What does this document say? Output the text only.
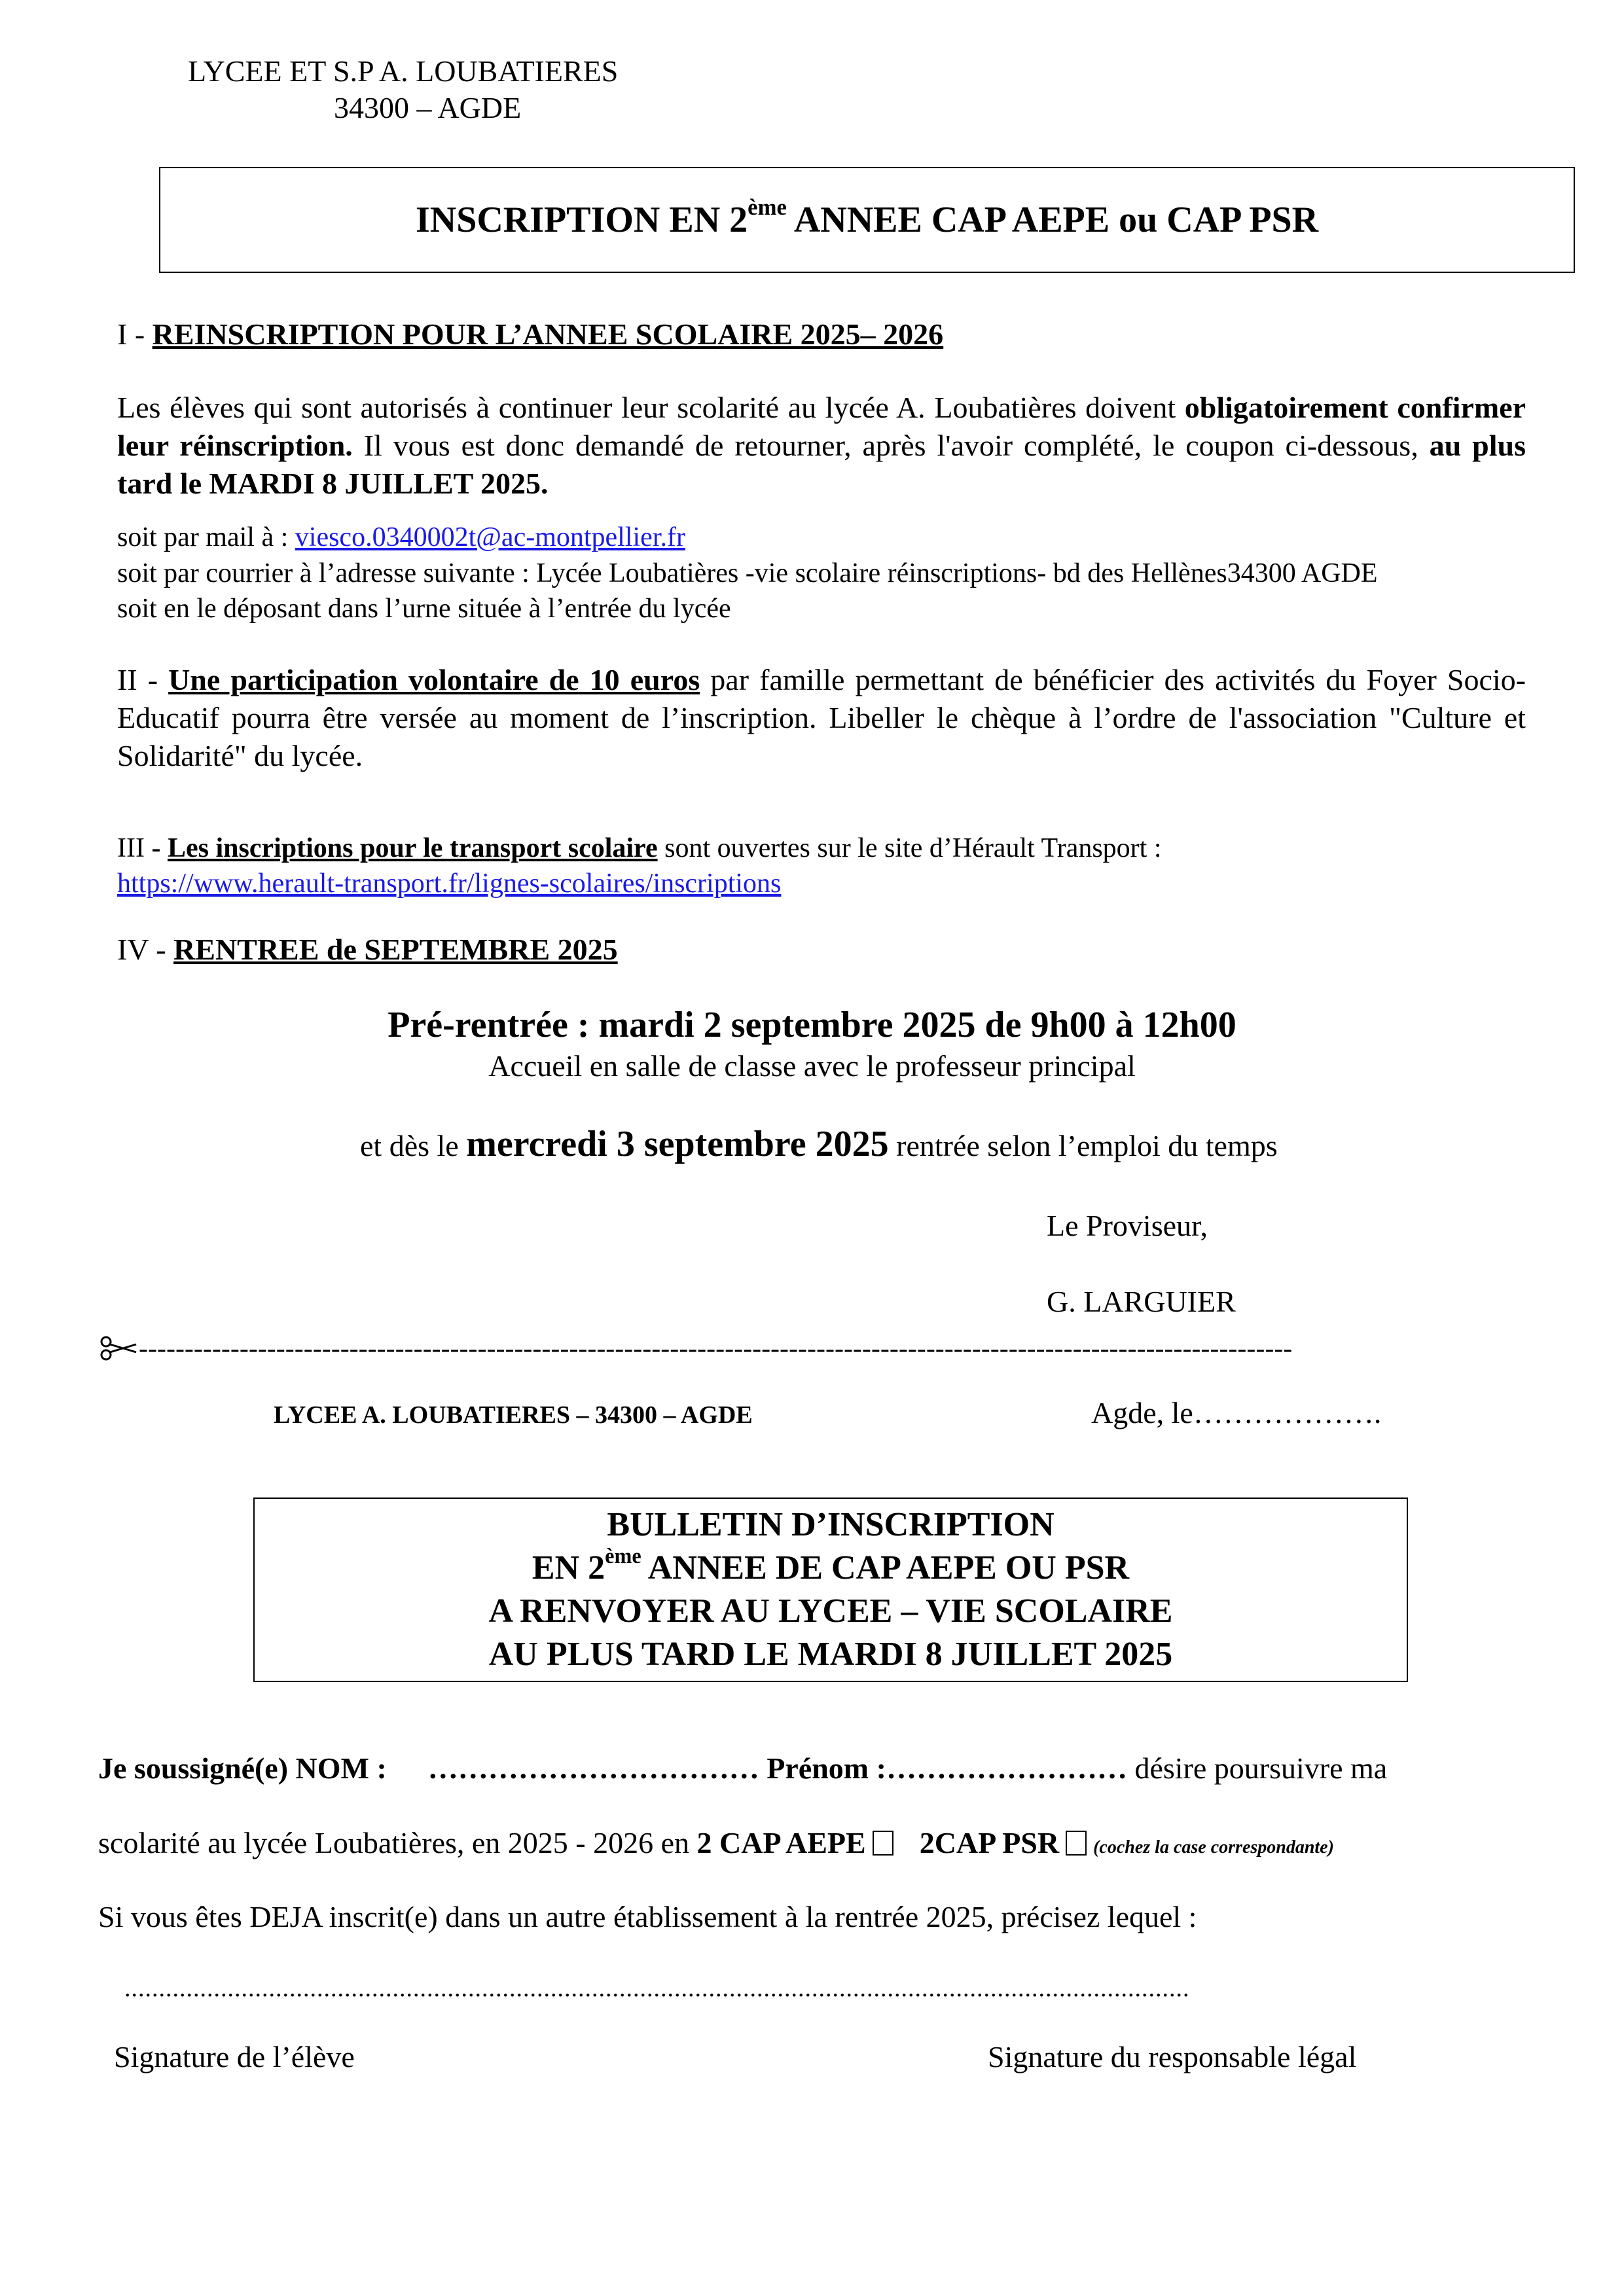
LYCEE ET S.P A. LOUBATIERES
34300 – AGDE
INSCRIPTION EN 2ème ANNEE CAP AEPE ou CAP PSR
I - REINSCRIPTION POUR L’ANNEE SCOLAIRE 2025– 2026
Les élèves qui sont autorisés à continuer leur scolarité au lycée A. Loubatières doivent obligatoirement confirmer leur réinscription. Il vous est donc demandé de retourner, après l'avoir complété, le coupon ci-dessous, au plus tard le MARDI 8 JUILLET 2025.
soit par mail à : viesco.0340002t@ac-montpellier.fr
soit par courrier à l’adresse suivante : Lycée Loubatières -vie scolaire réinscriptions- bd des Hellènes34300 AGDE
soit en le déposant dans l’urne située à l’entrée du lycée
II - Une participation volontaire de 10 euros par famille permettant de bénéficier des activités du Foyer Socio-Educatif pourra être versée au moment de l’inscription. Libeller le chèque à l’ordre de l'association "Culture et Solidarité" du lycée.
III - Les inscriptions pour le transport scolaire sont ouvertes sur le site d’Hérault Transport :
https://www.herault-transport.fr/lignes-scolaires/inscriptions
IV - RENTREE de SEPTEMBRE 2025
Pré-rentrée : mardi 2 septembre 2025 de 9h00 à 12h00
Accueil en salle de classe avec le professeur principal
et dès le mercredi 3 septembre 2025 rentrée selon l’emploi du temps
Le Proviseur,
G. LARGUIER
------------------------------------------------------------------------------------------------------------------------------
LYCEE A. LOUBATIERES – 34300 – AGDE	Agde, le……………….
BULLETIN D’INSCRIPTION
EN 2ème ANNEE DE CAP AEPE OU PSR
A RENVOYER AU LYCEE – VIE SCOLAIRE
AU PLUS TARD LE MARDI 8 JUILLET 2025
Je soussigné(e) NOM : …………………………… Prénom :…………………… désire poursuivre ma
scolarité au lycée Loubatières, en 2025 - 2026 en 2 CAP AEPE 2CAP PSR (cochez la case correspondante)
Si vous êtes DEJA inscrit(e) dans un autre établissement à la rentrée 2025, précisez lequel :
...........................................................................................................................................................
Signature de l’élève	Signature du responsable légal
